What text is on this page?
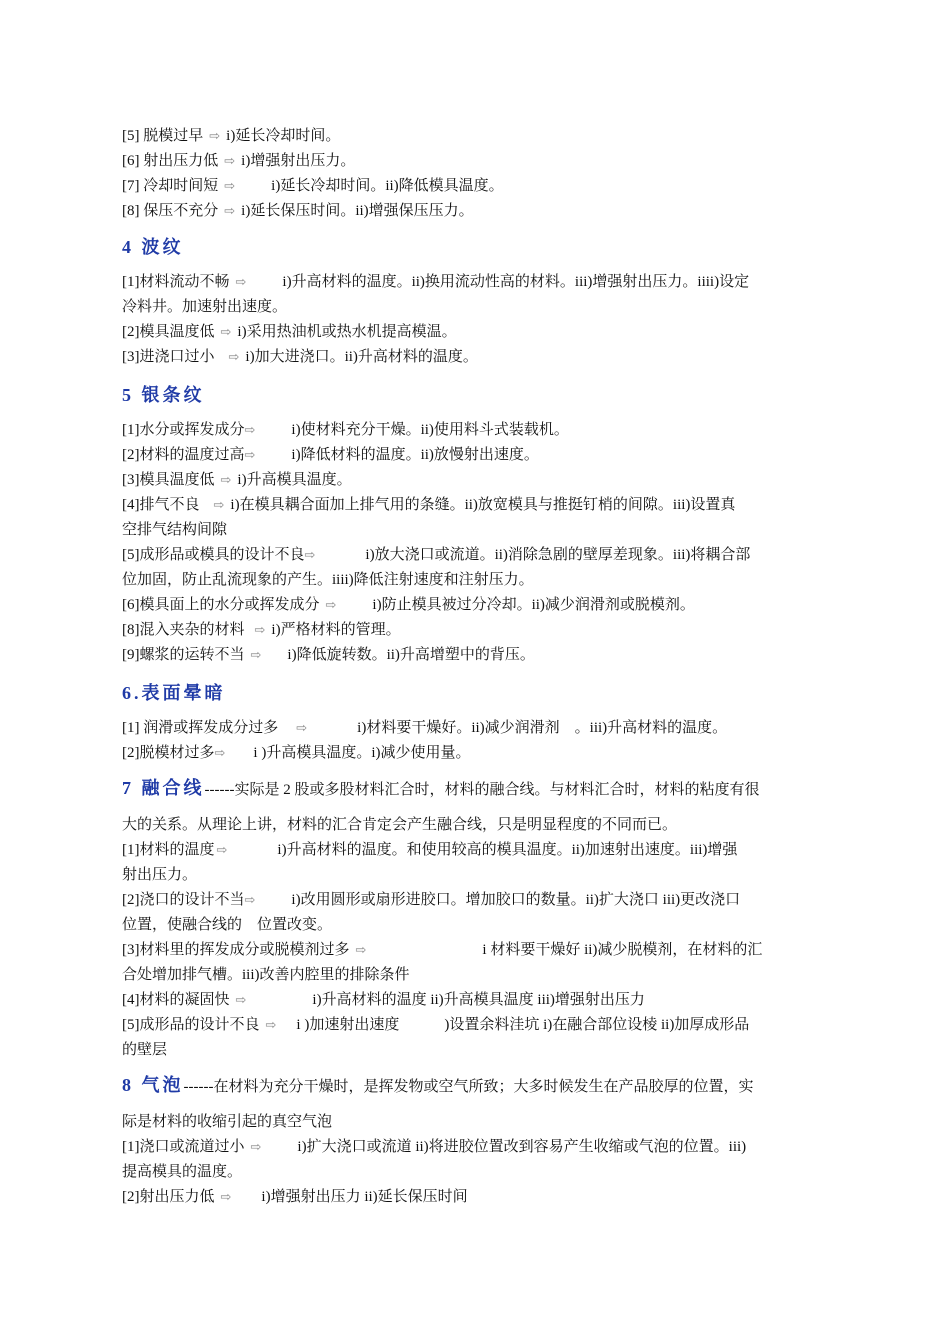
[5] 脱模过早 ⇨ i)延长冷却时间。
[6] 射出压力低 ⇨ i)增强射出压力。
[7] 冷却时间短 ⇨ i)延长冷却时间。ii)降低模具温度。
[8] 保压不充分 ⇨ i)延长保压时间。ii)增强保压压力。
4 波纹
[1]材料流动不畅 ⇨ i)升高材料的温度。ii)换用流动性高的材料。iii)增强射出压力。iiii)设定
冷料井。加速射出速度。
[2]模具温度低 ⇨ i)采用热油机或热水机提高模温。
[3]进浇口过小 ⇨ i)加大进浇口。ii)升高材料的温度。
5 银条纹
[1]水分或挥发成分⇨ i)使材料充分干燥。ii)使用料斗式装载机。
[2]材料的温度过高⇨ i)降低材料的温度。ii)放慢射出速度。
[3]模具温度低 ⇨ i)升高模具温度。
[4]排气不良 ⇨ i)在模具耦合面加上排气用的条缝。ii)放宽模具与推挺钉梢的间隙。iii)设置真
空排气结构间隙
[5]成形品或模具的设计不良⇨	i)放大浇口或流道。ii)消除急剧的壁厚差现象。iii)将耦合部
位加固，防止乱流现象的产生。iiii)降低注射速度和注射压力。
[6]模具面上的水分或挥发成分 ⇨ i)防止模具被过分冷却。ii)减少润滑剂或脱模剂。
[8]混入夹杂的材料 ⇨ i)严格材料的管理。
[9]螺浆的运转不当 ⇨ i)降低旋转数。ii)升高增塑中的背压。
6.表面晕暗
[1] 润滑或挥发成分过多 ⇨	i)材料要干燥好。ii)减少润滑剂　。iii)升高材料的温度。
[2]脱模材过多⇨ i )升高模具温度。i)减少使用量。
7 融合线------实际是 2 股或多股材料汇合时，材料的融合线。与材料汇合时，材料的粘度有很
大的关系。从理论上讲，材料的汇合肯定会产生融合线，只是明显程度的不同而已。
[1]材料的温度 ⇨	i)升高材料的温度。和使用较高的模具温度。ii)加速射出速度。iii)增强
射出压力。
[2]浇口的设计不当⇨ i)改用圆形或扇形进胶口。增加胶口的数量。ii)扩大浇口 iii)更改浇口
位置，使融合线的　位置改变。
[3]材料里的挥发成分或脱模剂过多 ⇨	i 材料要干燥好 ii)减少脱模剂，在材料的汇
合处增加排气槽。iii)改善内腔里的排除条件
[4]材料的凝固快 ⇨	i)升高材料的温度 ii)升高模具温度 iii)增强射出压力
[5]成形品的设计不良 ⇨ i )加速射出速度　　　)设置余料洼坑 i)在融合部位设棱 ii)加厚成形品
的壁层
8 气泡------在材料为充分干燥时，是挥发物或空气所致；大多时候发生在产品胶厚的位置，实
际是材料的收缩引起的真空气泡
[1]浇口或流道过小 ⇨ i)扩大浇口或流道 ii)将进胶位置改到容易产生收缩或气泡的位置。iii)
提高模具的温度。
[2]射出压力低 ⇨ i)增强射出压力 ii)延长保压时间
